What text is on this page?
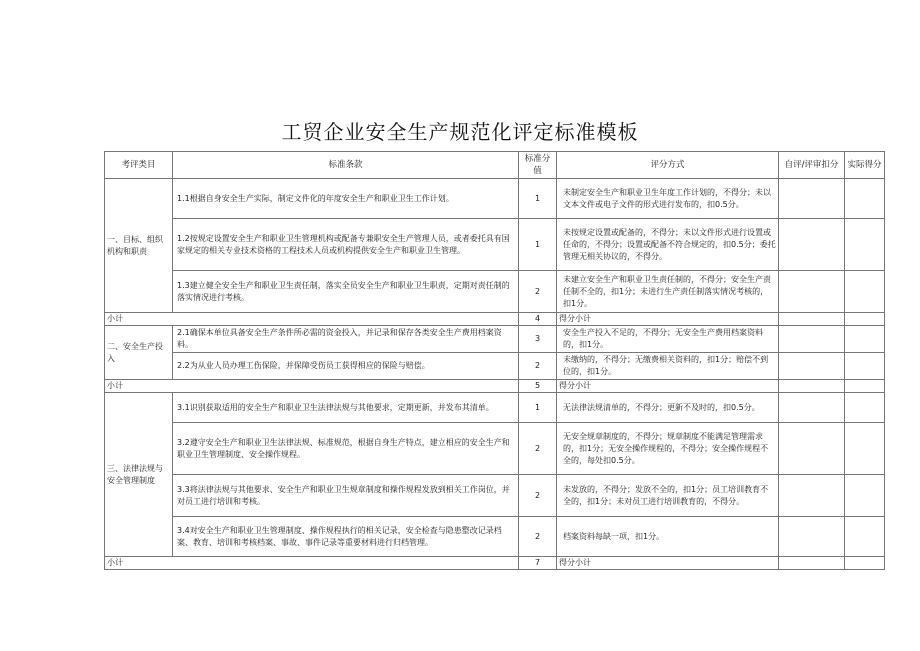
工贸企业安全生产规范化评定标准模板
考评类目	标准条款	标准分值	评分方式	自评/评审扣分	实际得分
一、目标、组织机构和职责	1.1根据自身安全生产实际，制定文件化的年度安全生产和职业卫生工作计划。	1	未制定安全生产和职业卫生年度工作计划的，不得分；未以文本文件或电子文件的形式进行发布的，扣0.5分。		
	1.2按规定设置安全生产和职业卫生管理机构或配备专兼职安全生产管理人员，或者委托具有国家规定的相关专业技术资格的工程技术人员或机构提供安全生产和职业卫生管理。	1	未按规定设置或配备的，不得分；未以文件形式进行设置或任命的，不得分；设置或配备不符合规定的，扣0.5分；委托管理无相关协议的，不得分。		
	1.3建立健全安全生产和职业卫生责任制，落实全员安全生产和职业卫生职责，定期对责任制的落实情况进行考核。	2	未建立安全生产和职业卫生责任制的，不得分；安全生产责任制不全的，扣1分；未进行生产责任制落实情况考核的，扣1分。		
小计		4	得分小计		
二、安全生产投入	2.1确保本单位具备安全生产条件所必需的资金投入，并记录和保存各类安全生产费用档案资料。	3	安全生产投入不足的，不得分；无安全生产费用档案资料的，扣1分。		
	2.2为从业人员办理工伤保险，并保障受伤员工获得相应的保险与赔偿。	2	未缴纳的，不得分；无缴费相关资料的，扣1分；赔偿不到位的，扣1分。		
小计		5	得分小计		
三、法律法规与安全管理制度	3.1识别获取适用的安全生产和职业卫生法律法规与其他要求，定期更新，并发布其清单。	1	无法律法规清单的，不得分；更新不及时的，扣0.5分。		
	3.2遵守安全生产和职业卫生法律法规、标准规范，根据自身生产特点，建立相应的安全生产和职业卫生管理制度、安全操作规程。	2	无安全规章制度的，不得分；规章制度不能满足管理需求的，扣1分；无安全操作规程的，不得分；安全操作规程不全的，每处扣0.5分。		
	3.3将法律法规与其他要求、安全生产和职业卫生规章制度和操作规程发放到相关工作岗位，并对员工进行培训和考核。	2	未发放的，不得分；发放不全的，扣1分；员工培训教育不全的，扣1分；未对员工进行培训教育的，不得分。		
	3.4对安全生产和职业卫生管理制度、操作规程执行的相关记录，安全检查与隐患整改记录档案、教育、培训和考核档案、事故、事件记录等重要材料进行归档管理。	2	档案资料每缺一项，扣1分。		
小计		7	得分小计		
